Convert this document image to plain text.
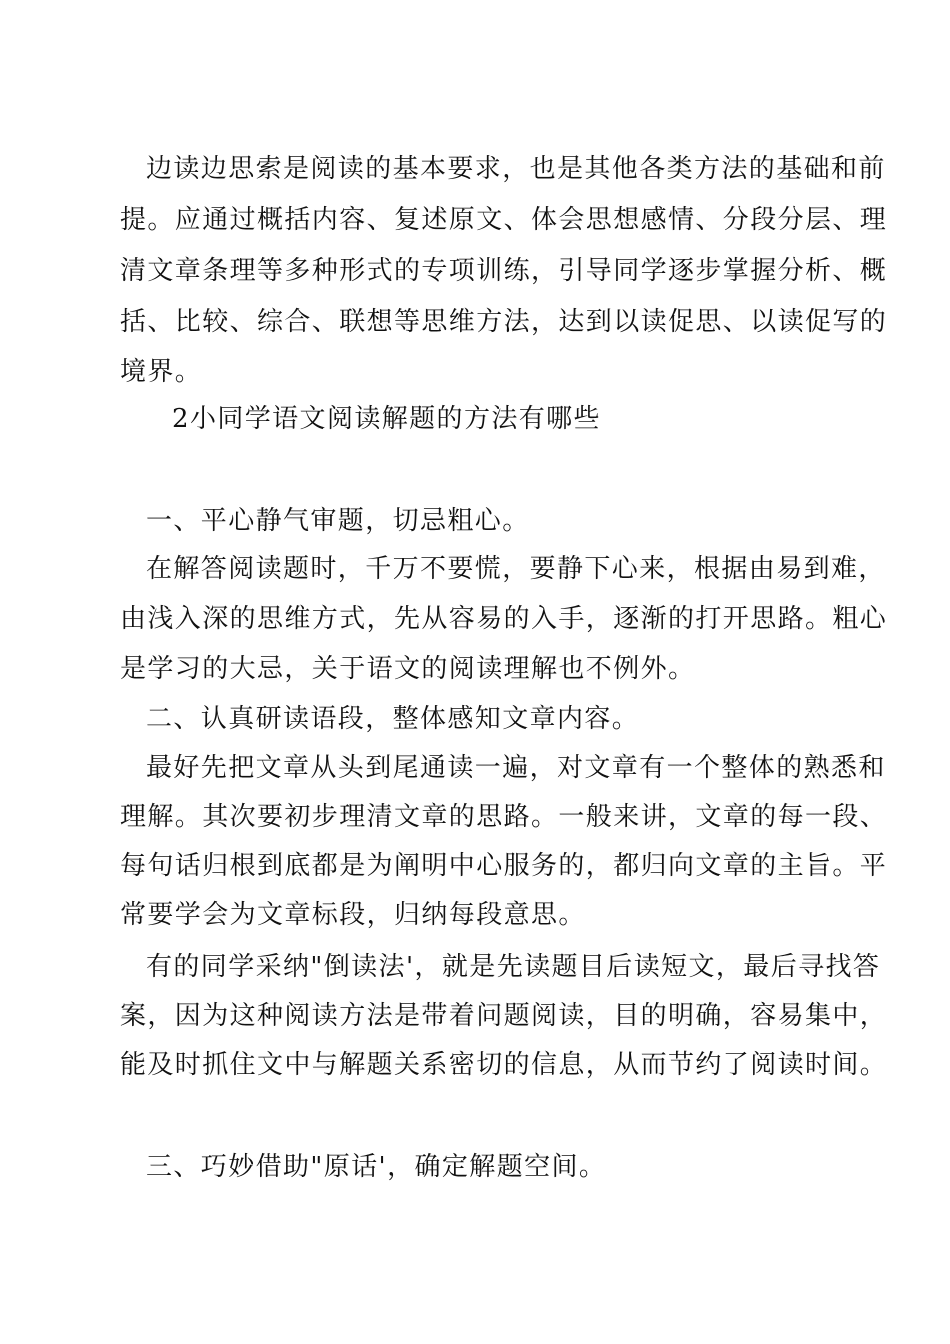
边读边思索是阅读的基本要求，也是其他各类方法的基础和前
提。应通过概括内容、复述原文、体会思想感情、分段分层、理
清文章条理等多种形式的专项训练，引导同学逐步掌握分析、概
括、比较、综合、联想等思维方法，达到以读促思、以读促写的
境界。
2小同学语文阅读解题的方法有哪些
一、平心静气审题，切忌粗心。
在解答阅读题时，千万不要慌，要静下心来，根据由易到难，
由浅入深的思维方式，先从容易的入手，逐渐的打开思路。粗心
是学习的大忌，关于语文的阅读理解也不例外。
二、认真研读语段，整体感知文章内容。
最好先把文章从头到尾通读一遍，对文章有一个整体的熟悉和
理解。其次要初步理清文章的思路。一般来讲，文章的每一段、
每句话归根到底都是为阐明中心服务的，都归向文章的主旨。平
常要学会为文章标段，归纳每段意思。
有的同学采纳"倒读法'，就是先读题目后读短文，最后寻找答
案，因为这种阅读方法是带着问题阅读，目的明确，容易集中，
能及时抓住文中与解题关系密切的信息，从而节约了阅读时间。
三、巧妙借助"原话'，确定解题空间。
